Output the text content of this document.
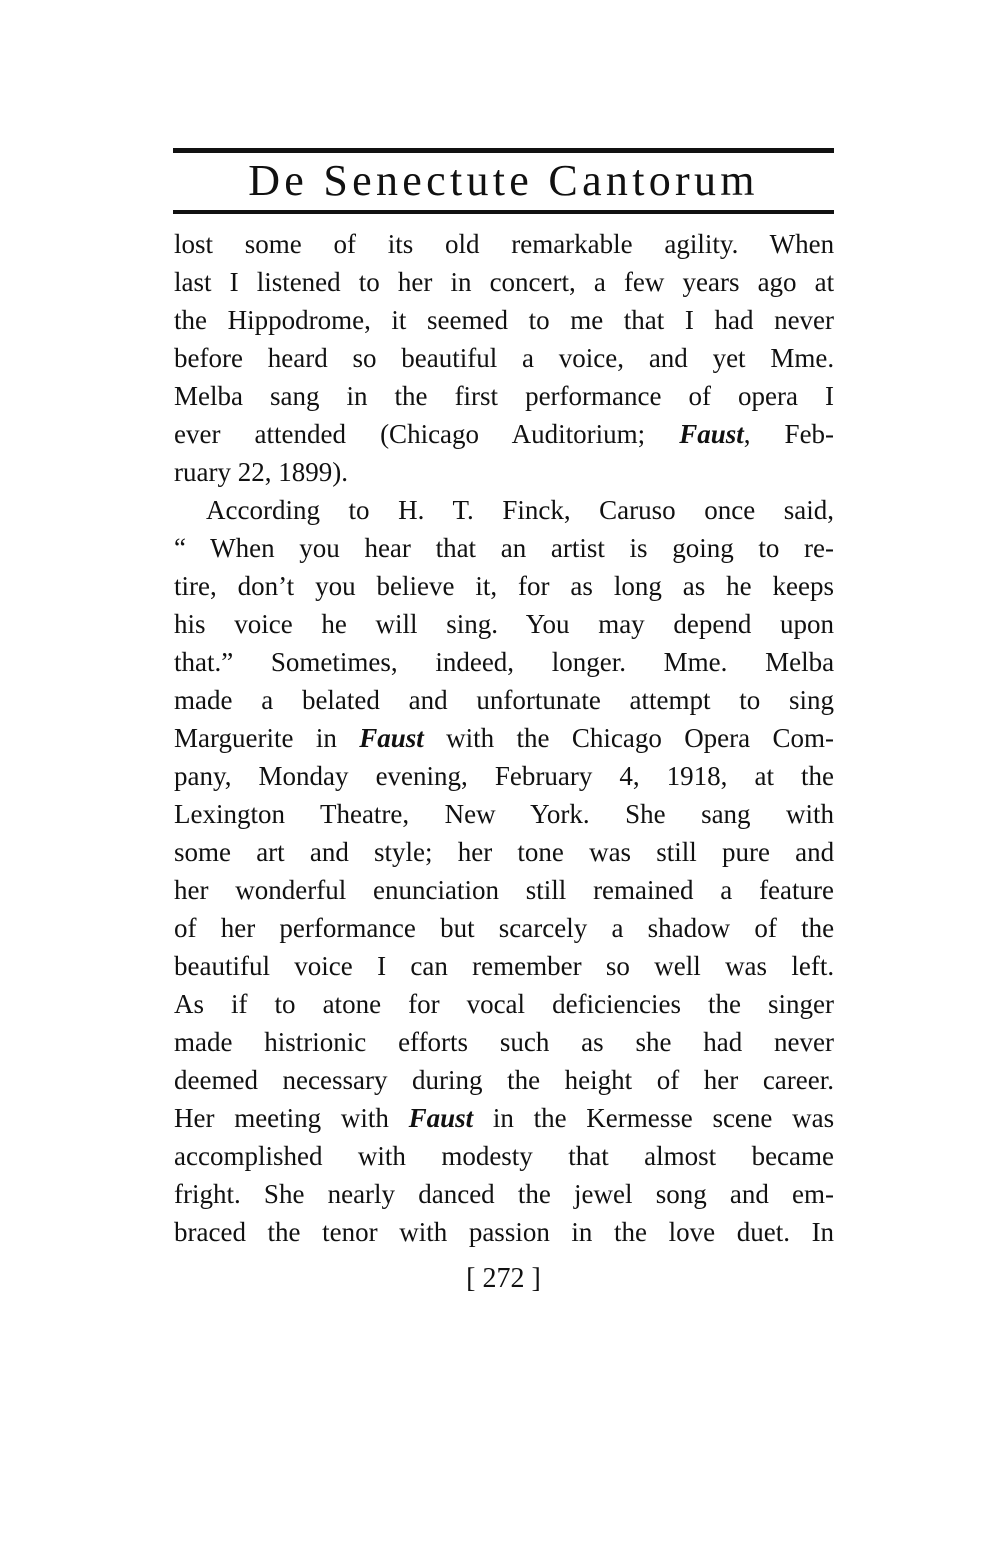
De Senectute Cantorum
lost some of its old remarkable agility. When
last I listened to her in concert, a few years ago at
the Hippodrome, it seemed to me that I had never
before heard so beautiful a voice, and yet Mme.
Melba sang in the first performance of opera I
ever attended (Chicago Auditorium; Faust, Feb-
ruary 22, 1899).
According to H. T. Finck, Caruso once said,
“ When you hear that an artist is going to re-
tire, don’t you believe it, for as long as he keeps
his voice he will sing. You may depend upon
that.” Sometimes, indeed, longer. Mme. Melba
made a belated and unfortunate attempt to sing
Marguerite in Faust with the Chicago Opera Com-
pany, Monday evening, February 4, 1918, at the
Lexington Theatre, New York. She sang with
some art and style; her tone was still pure and
her wonderful enunciation still remained a feature
of her performance but scarcely a shadow of the
beautiful voice I can remember so well was left.
As if to atone for vocal deficiencies the singer
made histrionic efforts such as she had never
deemed necessary during the height of her career.
Her meeting with Faust in the Kermesse scene was
accomplished with modesty that almost became
fright. She nearly danced the jewel song and em-
braced the tenor with passion in the love duet. In
[ 272 ]
